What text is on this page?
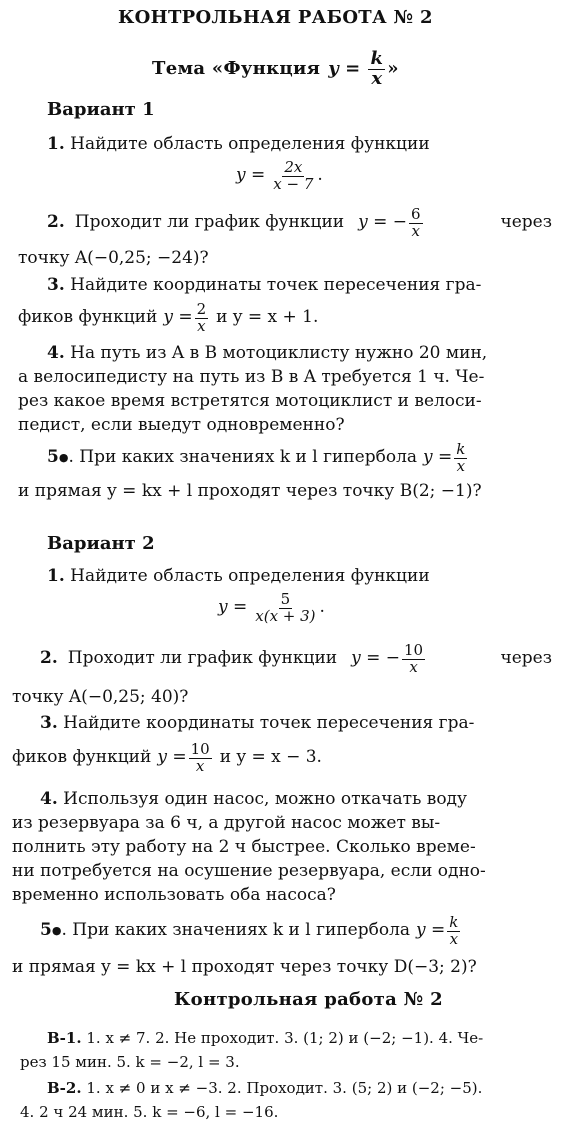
КОНТРОЛЬНАЯ РАБОТА № 2
Тема «Функция $y = \frac{k}{x}$ »
Вариант 1
1. Найдите область определения функции
$y = \frac{2x}{x - 7}$ .
2. Проходит ли график функции y = − $\frac{6}{x}$	через
точку A(−0,25; −24)?
3. Найдите координаты точек пересечения гра-
фиков функций $y = \frac{2}{x}$ и y = x + 1.
4. На путь из A в B мотоциклисту нужно 20 мин,
а велосипедисту на путь из B в A требуется 1 ч. Че-
рез какое время встретятся мотоциклист и велоси-
педист, если выедут одновременно?
5 ● . При каких значениях k и l гипербола $y = \frac{k}{x}$
и прямая y = kx + l проходят через точку B(2; −1)?
Вариант 2
1. Найдите область определения функции
$y = \frac{5}{x(x + 3)}$ .
2. Проходит ли график функции y = − $\frac{10}{x}$	через
точку A(−0,25; 40)?
3. Найдите координаты точек пересечения гра-
фиков функций $y = \frac{10}{x}$ и y = x − 3.
4. Используя один насос, можно откачать воду
из резервуара за 6 ч, а другой насос может вы-
полнить эту работу на 2 ч быстрее. Сколько време-
ни потребуется на осушение резервуара, если одно-
временно использовать оба насоса?
5 ● . При каких значениях k и l гипербола $y = \frac{k}{x}$
и прямая y = kx + l проходят через точку D(−3; 2)?
Контрольная работа № 2
В-1. 1. x ≠ 7. 2. Не проходит. 3. (1; 2) и (−2; −1). 4. Че-
рез 15 мин. 5. k = −2, l = 3.
В-2. 1. x ≠ 0 и x ≠ −3. 2. Проходит. 3. (5; 2) и (−2; −5).
4. 2 ч 24 мин. 5. k = −6, l = −16.
